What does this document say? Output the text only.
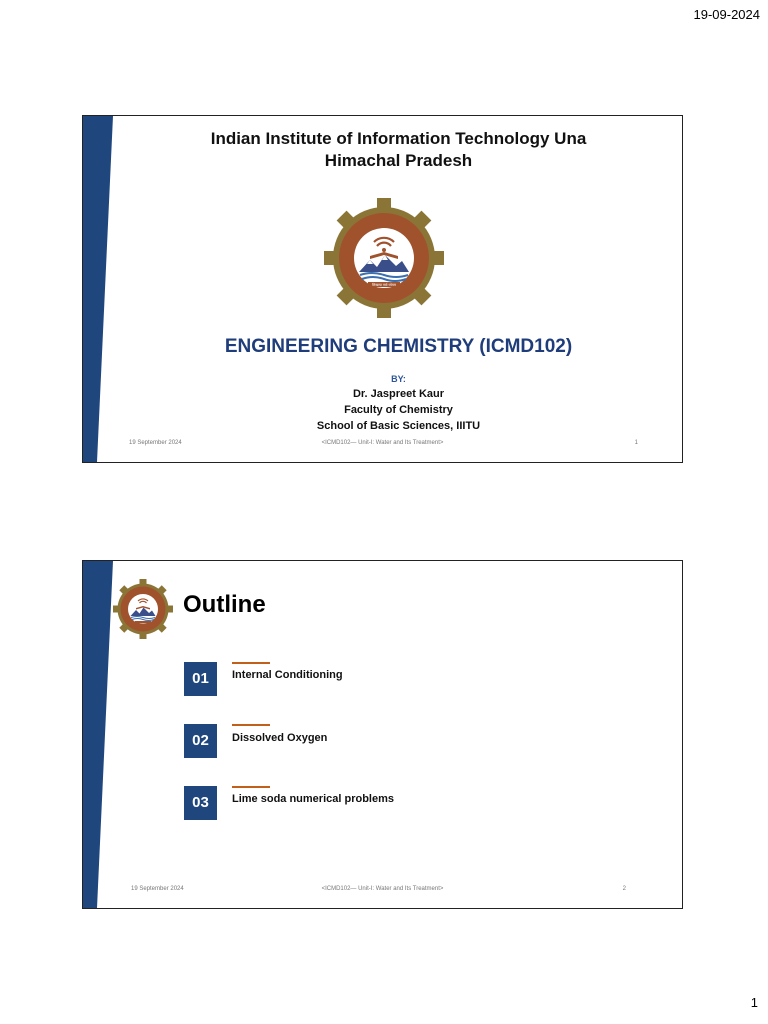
19-09-2024
Indian Institute of Information Technology Una
Himachal Pradesh
लिखाया सर्व ध्येयम
ENGINEERING CHEMISTRY (ICMD102)
BY:
Dr. Jaspreet Kaur
Faculty of Chemistry
School of Basic Sciences, IIITU
19 September 2024	<ICMD102— Unit-I: Water and Its Treatment>	1
Outline
01	Internal Conditioning
02	Dissolved Oxygen
03	Lime soda numerical problems
19 September 2024	<ICMD102— Unit-I: Water and Its Treatment>	2
1
